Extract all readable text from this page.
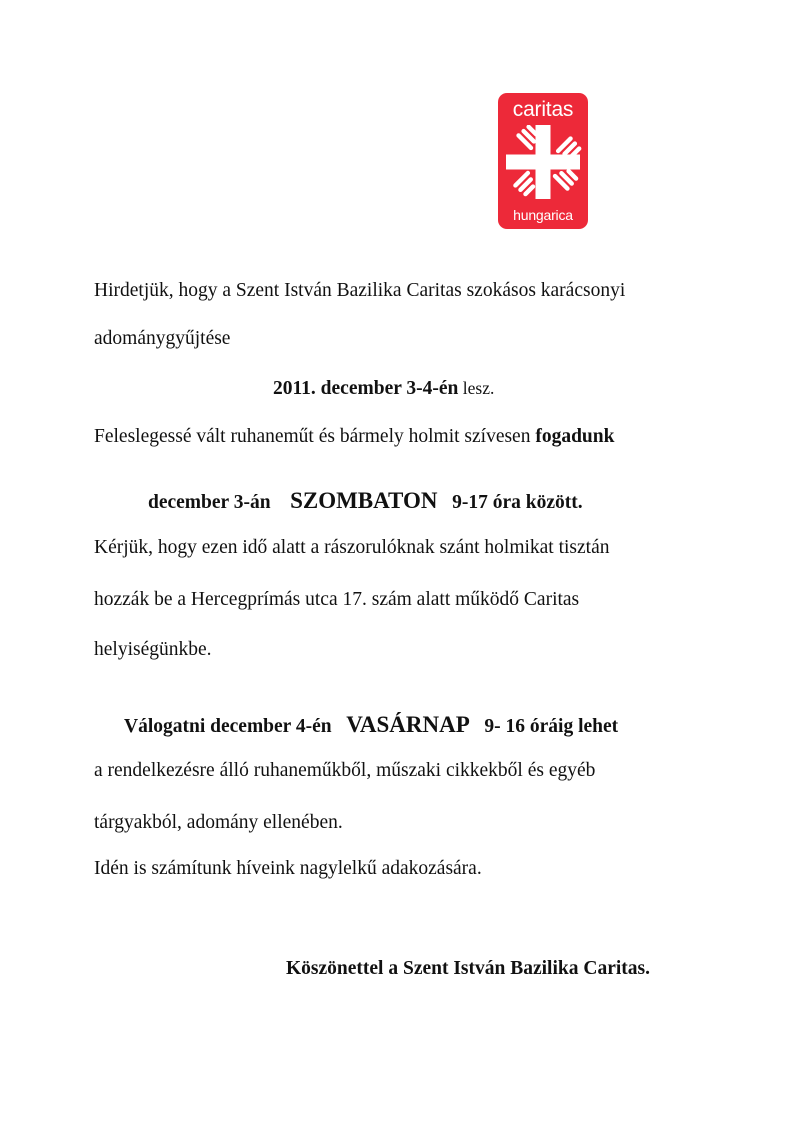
caritas
hungarica
Hirdetjük, hogy a Szent István Bazilika Caritas szokásos karácsonyi
adománygyűjtése
2011. december 3-4-én lesz.
Feleslegessé vált ruhaneműt és bármely holmit szívesen fogadunk
december 3-án SZOMBATON 9-17 óra között.
Kérjük, hogy ezen idő alatt a rászorulóknak szánt holmikat tisztán
hozzák be a Hercegprímás utca 17. szám alatt működő Caritas
helyiségünkbe.
Válogatni december 4-én VASÁRNAP 9- 16 óráig lehet
a rendelkezésre álló ruhaneműkből, műszaki cikkekből és egyéb
tárgyakból, adomány ellenében.
Idén is számítunk híveink nagylelkű adakozására.
Köszönettel a Szent István Bazilika Caritas.
